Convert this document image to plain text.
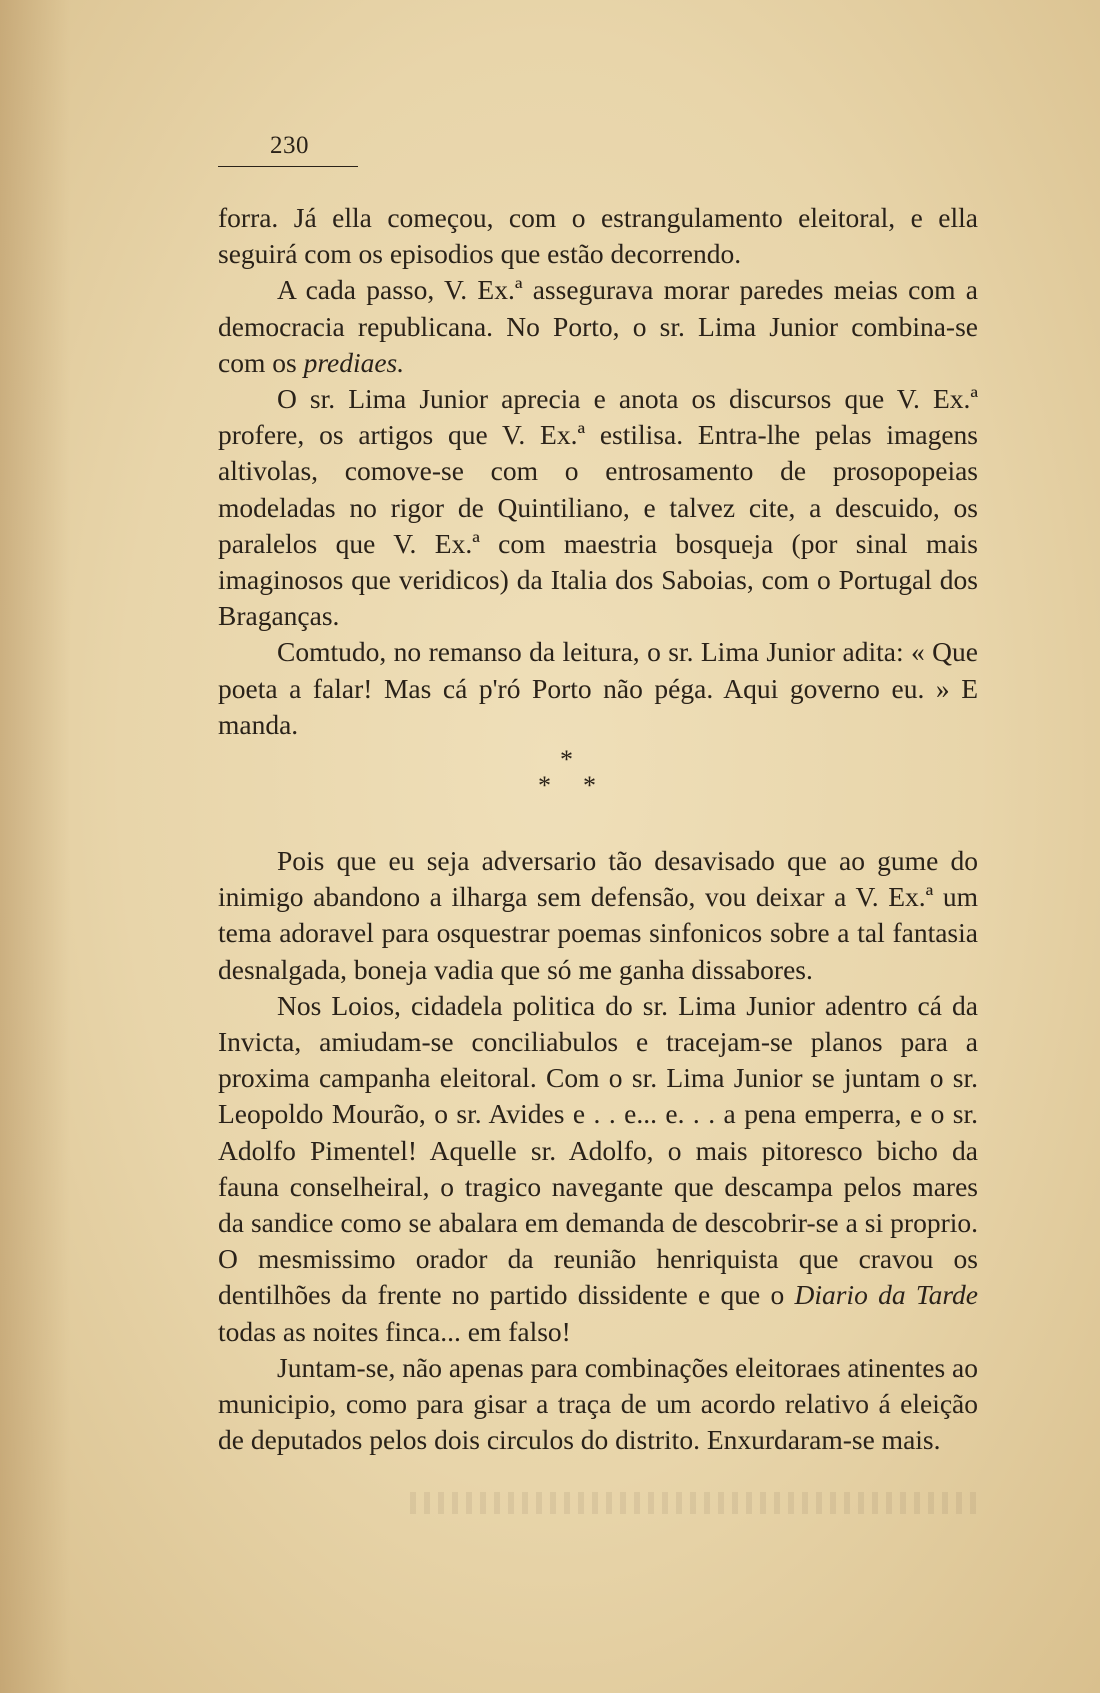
230

forra. Já ella começou, com o estrangulamento eleitoral, e ella seguirá com os episodios que estão decorrendo.

A cada passo, V. Ex.ª assegurava morar paredes meias com a democracia republicana. No Porto, o sr. Lima Junior combina-se com os prediaes.

O sr. Lima Junior aprecia e anota os discursos que V. Ex.ª profere, os artigos que V. Ex.ª estilisa. Entra-lhe pelas imagens altivolas, comove-se com o entrosamento de prosopopeias modeladas no rigor de Quintiliano, e talvez cite, a descuido, os paralelos que V. Ex.ª com maestria bosqueja (por sinal mais imaginosos que veridicos) da Italia dos Saboias, com o Portugal dos Braganças.

Comtudo, no remanso da leitura, o sr. Lima Junior adita: « Que poeta a falar! Mas cá p'ró Porto não péga. Aqui governo eu. » E manda.

*
* *

Pois que eu seja adversario tão desavisado que ao gume do inimigo abandono a ilharga sem defensão, vou deixar a V. Ex.ª um tema adoravel para osquestrar poemas sinfonicos sobre a tal fantasia desnalgada, boneja vadia que só me ganha dissabores.

Nos Loios, cidadela politica do sr. Lima Junior adentro cá da Invicta, amiudam-se conciliabulos e tracejam-se planos para a proxima campanha eleitoral. Com o sr. Lima Junior se juntam o sr. Leopoldo Mourão, o sr. Avides e . . e... e. . . a pena emperra, e o sr. Adolfo Pimentel! Aquelle sr. Adolfo, o mais pitoresco bicho da fauna conselheiral, o tragico navegante que descampa pelos mares da sandice como se abalara em demanda de descobrir-se a si proprio. O mesmissimo orador da reunião henriquista que cravou os dentilhões da frente no partido dissidente e que o Diario da Tarde todas as noites finca... em falso!

Juntam-se, não apenas para combinações eleitoraes atinentes ao municipio, como para gisar a traça de um acordo relativo á eleição de deputados pelos dois circulos do distrito. Enxurdaram-se mais.
